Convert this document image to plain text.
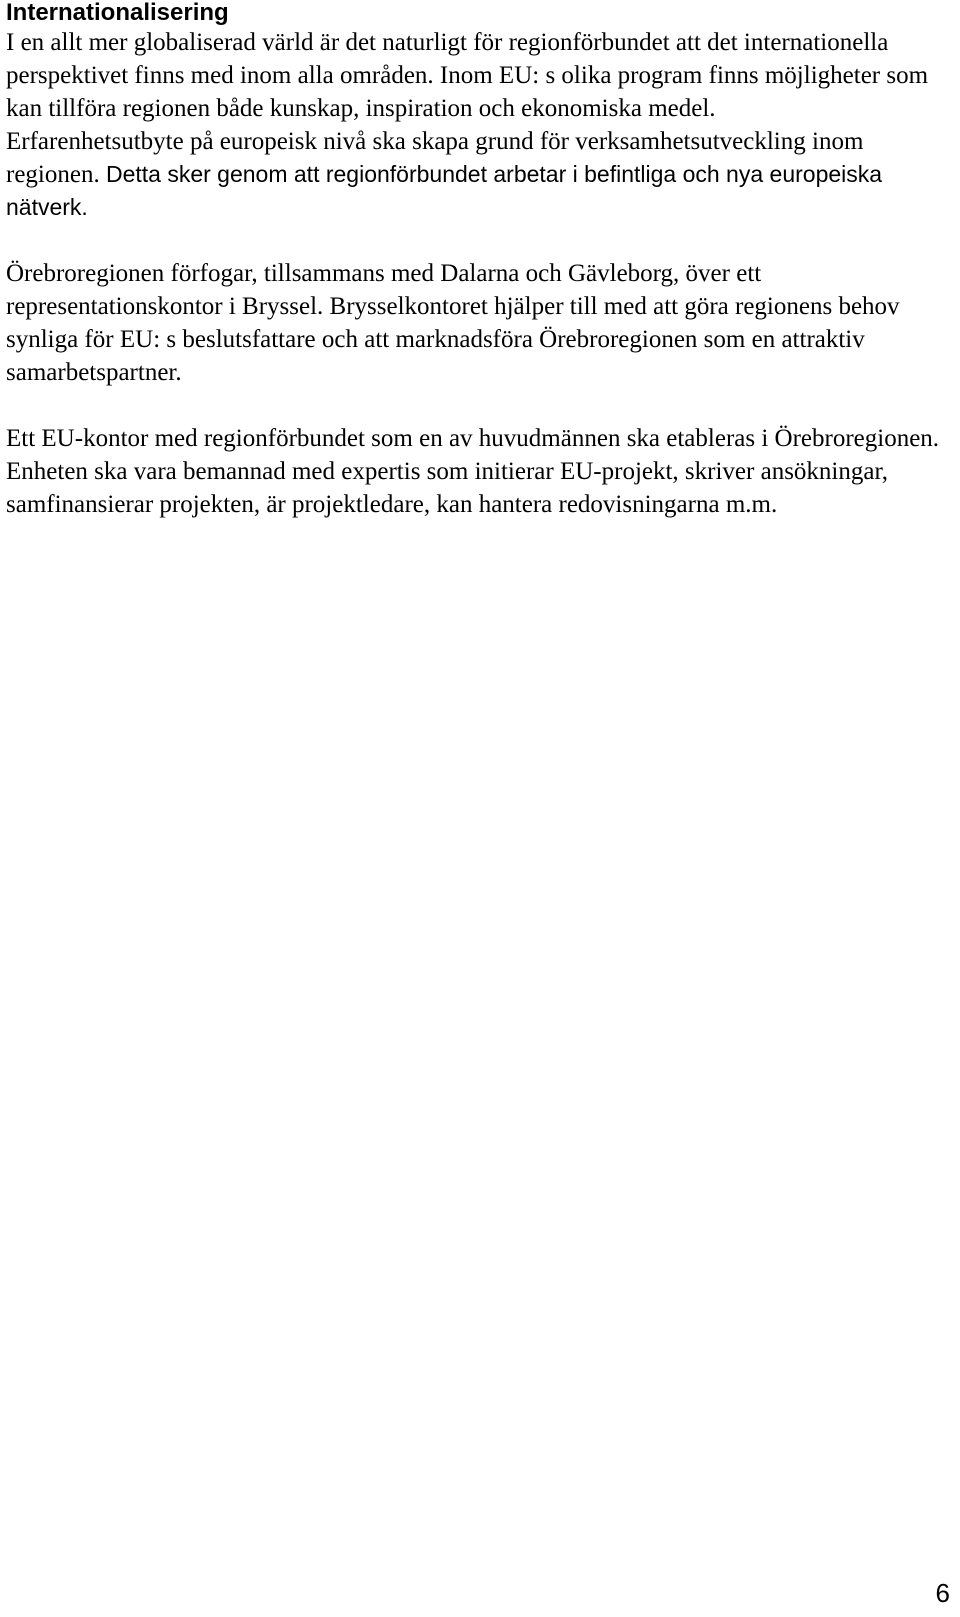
Internationalisering

I en allt mer globaliserad värld är det naturligt för regionförbundet att det internationella perspektivet finns med inom alla områden. Inom EU: s olika program finns möjligheter som kan tillföra regionen både kunskap, inspiration och ekonomiska medel.

Erfarenhetsutbyte på europeisk nivå ska skapa grund för verksamhetsutveckling inom regionen. Detta sker genom att regionförbundet arbetar i befintliga och nya europeiska nätverk.

Örebroregionen förfogar, tillsammans med Dalarna och Gävleborg, över ett representationskontor i Bryssel. Brysselkontoret hjälper till med att göra regionens behov synliga för EU: s beslutsfattare och att marknadsföra Örebroregionen som en attraktiv samarbetspartner.

Ett EU-kontor med regionförbundet som en av huvudmännen ska etableras i Örebroregionen. Enheten ska vara bemannad med expertis som initierar EU-projekt, skriver ansökningar, samfinansierar projekten, är projektledare, kan hantera redovisningarna m.m.

6
